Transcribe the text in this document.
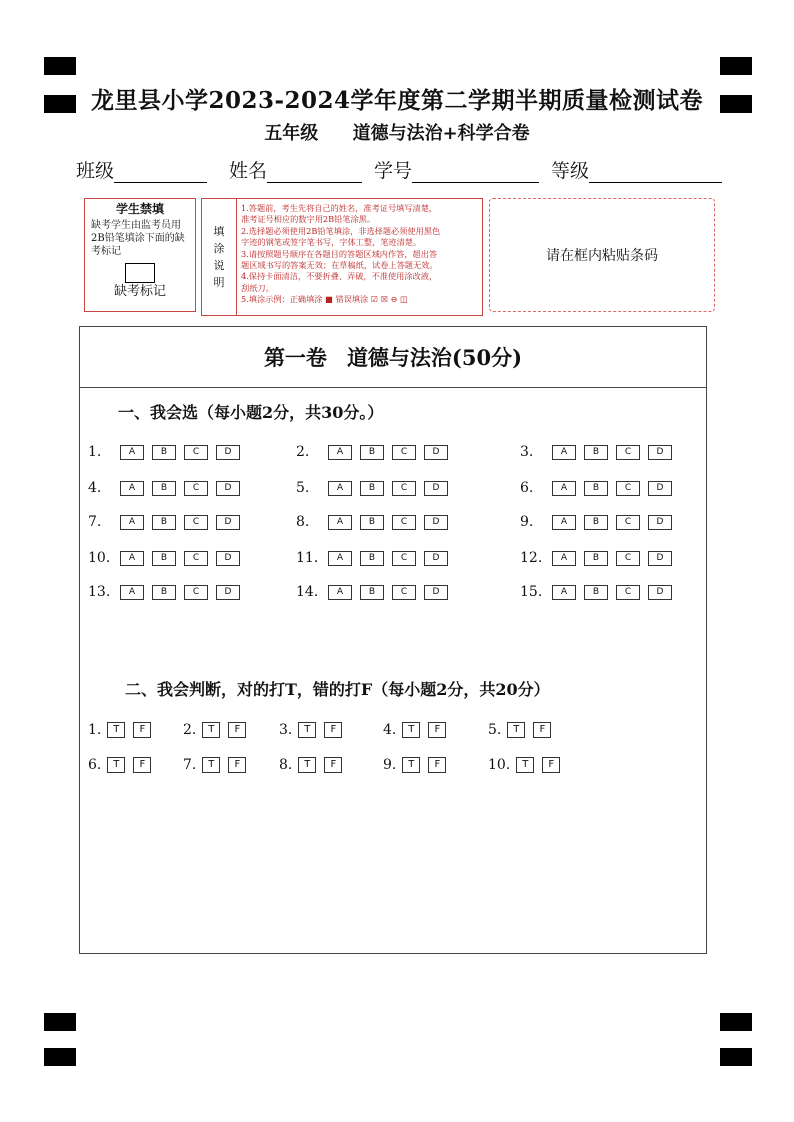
龙里县小学2023-2024学年度第二学期半期质量检测试卷
五年级 道德与法治+科学合卷
班级	姓名	学号	等级
学生禁填
缺考学生由监考员用2B铅笔填涂下面的缺考标记
缺考标记
填
涂
说
明
1.答题前，考生先将自己的姓名，准考证号填写清楚，
准考证号相应的数字用2B铅笔涂黑。
2.选择题必须使用2B铅笔填涂，非选择题必须使用黑色
字迹的钢笔或签字笔书写，字体工整，笔迹清楚。
3.请按照题号顺序在各题目的答题区域内作答，超出答
题区域书写的答案无效；在草稿纸，试卷上答题无效。
4.保持卡面清洁，不要折叠、弄破，不准使用涂改液，
刮纸刀。
5.填涂示例：正确填涂 ■ 错误填涂 ☑ ☒ ⊖ ◫
请在框内粘贴条码
第一卷 道德与法治(50分)
一、我会选（每小题2分，共30分。）
1.	A	B	C	D	2.	A	B	C	D	3.	A	B	C	D
4.	A	B	C	D	5.	A	B	C	D	6.	A	B	C	D
7.	A	B	C	D	8.	A	B	C	D	9.	A	B	C	D
10.	A	B	C	D	11.	A	B	C	D	12.	A	B	C	D
13.	A	B	C	D	14.	A	B	C	D	15.	A	B	C	D
二、我会判断，对的打T，错的打F（每小题2分，共20分）
1.	T	F	2.	T	F	3.	T	F	4.	T	F	5.	T	F
6.	T	F	7.	T	F	8.	T	F	9.	T	F	10.	T	F
